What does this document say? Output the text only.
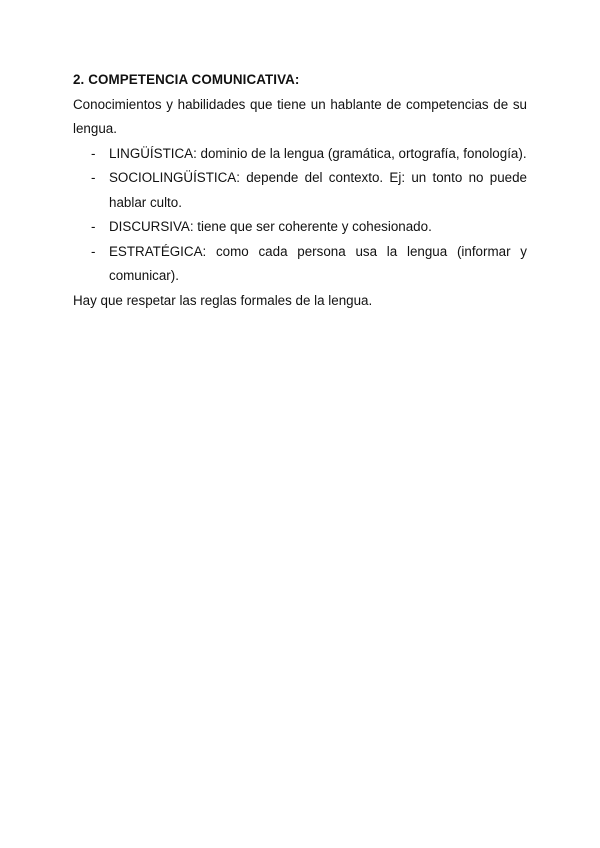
2. COMPETENCIA COMUNICATIVA:

Conocimientos y habilidades que tiene un hablante de competencias de su lengua.

- LINGÜÍSTICA: dominio de la lengua (gramática, ortografía, fonología).
- SOCIOLINGÜÍSTICA: depende del contexto. Ej: un tonto no puede hablar culto.
- DISCURSIVA: tiene que ser coherente y cohesionado.
- ESTRATÉGICA: como cada persona usa la lengua (informar y comunicar).

Hay que respetar las reglas formales de la lengua.
